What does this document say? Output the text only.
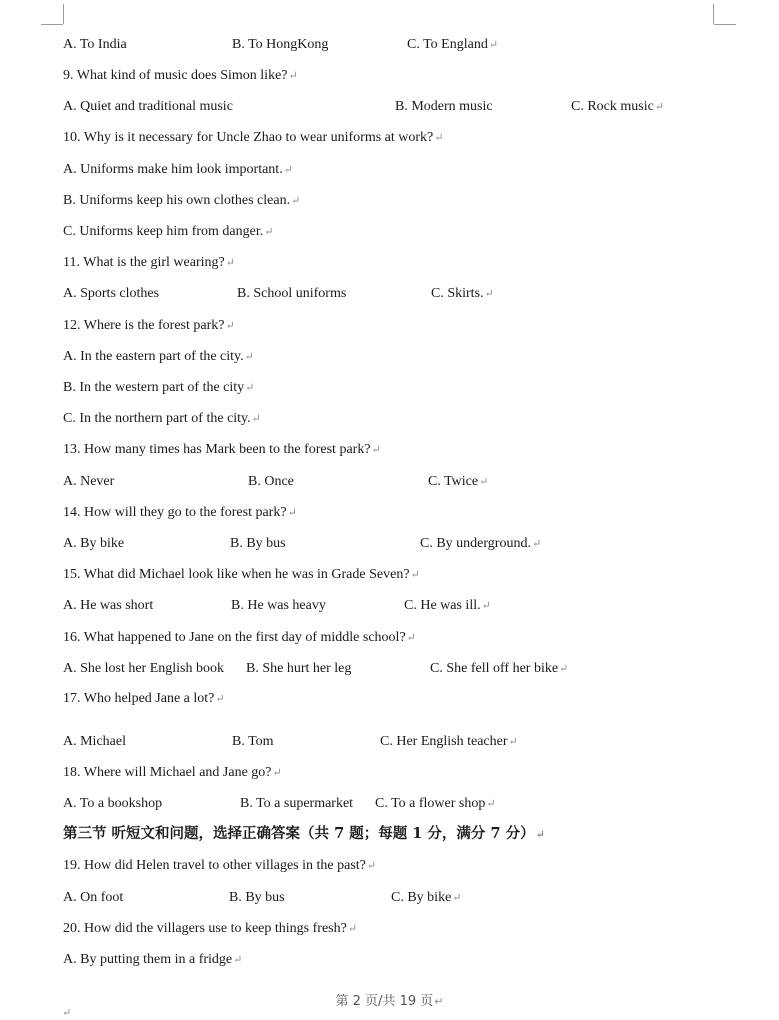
A. To India	B. To HongKong	C. To England↵
9. What kind of music does Simon like?↵
A. Quiet and traditional music	B. Modern music	C. Rock music↵
10. Why is it necessary for Uncle Zhao to wear uniforms at work?↵
A. Uniforms make him look important.↵
B. Uniforms keep his own clothes clean.↵
C. Uniforms keep him from danger.↵
11. What is the girl wearing?↵
A. Sports clothes	B. School uniforms	C. Skirts.↵
12. Where is the forest park?↵
A. In the eastern part of the city.↵
B. In the western part of the city↵
C. In the northern part of the city.↵
13. How many times has Mark been to the forest park?↵
A. Never	B. Once	C. Twice↵
14. How will they go to the forest park?↵
A. By bike	B. By bus	C. By underground.↵
15. What did Michael look like when he was in Grade Seven?↵
A. He was short	B. He was heavy	C. He was ill.↵
16. What happened to Jane on the first day of middle school?↵
A. She lost her English book B. She hurt her leg	C. She fell off her bike↵
17. Who helped Jane a lot?↵
A. Michael	B. Tom	C. Her English teacher↵
18. Where will Michael and Jane go?↵
A. To a bookshop	B. To a supermarket C. To a flower shop↵
19. How did Helen travel to other villages in the past?↵
A. On foot	B. By bus	C. By bike↵
20. How did the villagers use to keep things fresh?↵
A. By putting them in a fridge↵
第三节 听短文和问题，选择正确答案（共 7 题；每题 1 分，满分 7 分）↵
第 2 页/共 19 页↵
↵
